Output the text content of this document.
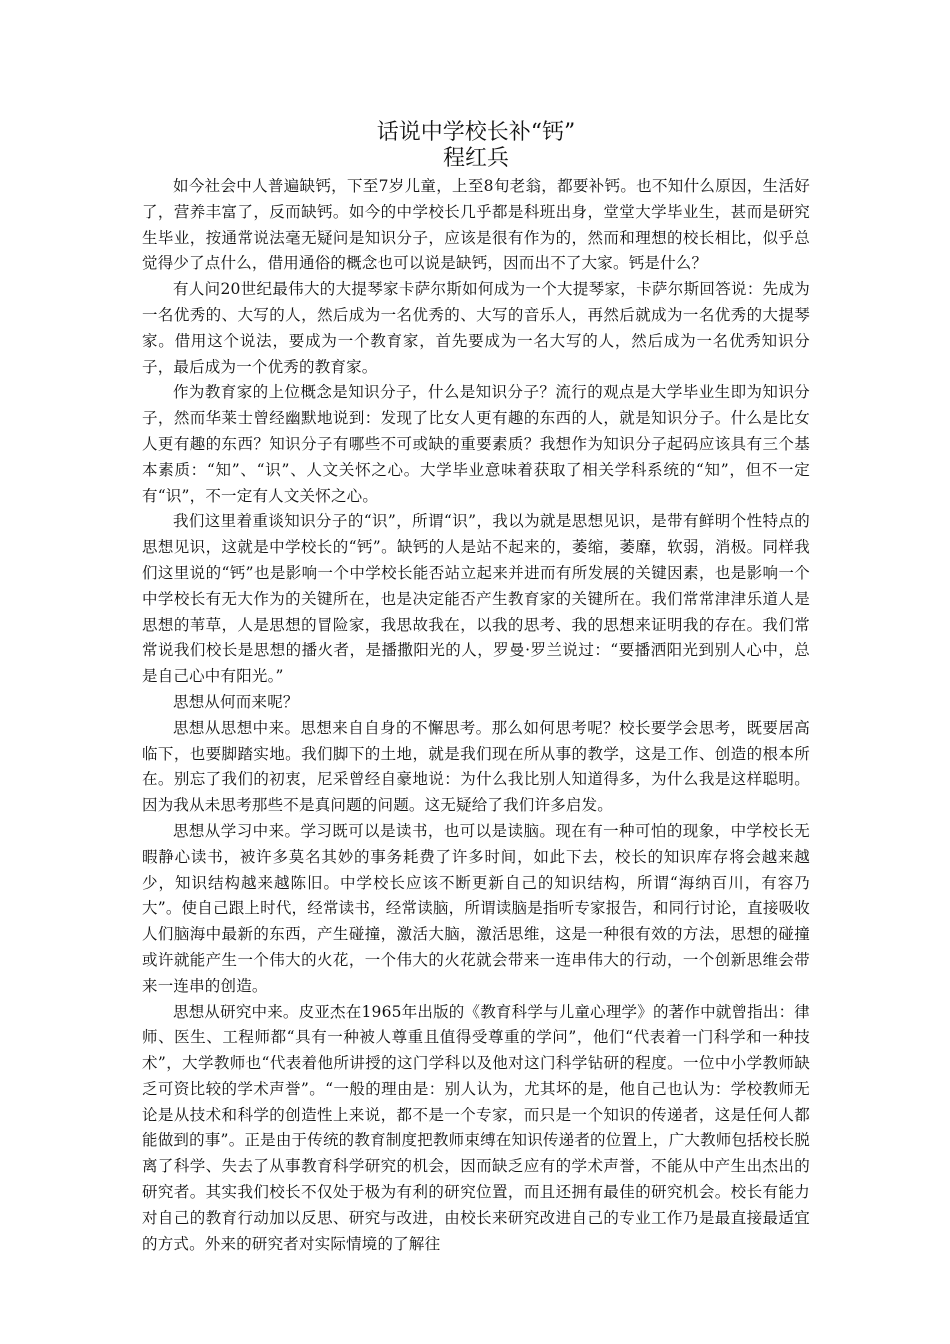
话说中学校长补“钙”
程红兵

如今社会中人普遍缺钙，下至7岁儿童，上至8旬老翁，都要补钙。也不知什么原因，生活好了，营养丰富了，反而缺钙。如今的中学校长几乎都是科班出身，堂堂大学毕业生，甚而是研究生毕业，按通常说法毫无疑问是知识分子，应该是很有作为的，然而和理想的校长相比，似乎总觉得少了点什么，借用通俗的概念也可以说是缺钙，因而出不了大家。钙是什么？

有人问20世纪最伟大的大提琴家卡萨尔斯如何成为一个大提琴家，卡萨尔斯回答说：先成为一名优秀的、大写的人，然后成为一名优秀的、大写的音乐人，再然后就成为一名优秀的大提琴家。借用这个说法，要成为一个教育家，首先要成为一名大写的人，然后成为一名优秀知识分子，最后成为一个优秀的教育家。

作为教育家的上位概念是知识分子，什么是知识分子？流行的观点是大学毕业生即为知识分子，然而华莱士曾经幽默地说到：发现了比女人更有趣的东西的人，就是知识分子。什么是比女人更有趣的东西？知识分子有哪些不可或缺的重要素质？我想作为知识分子起码应该具有三个基本素质：“知”、“识”、人文关怀之心。大学毕业意味着获取了相关学科系统的“知”，但不一定有“识”，不一定有人文关怀之心。

我们这里着重谈知识分子的“识”，所谓“识”，我以为就是思想见识，是带有鲜明个性特点的思想见识，这就是中学校长的“钙”。缺钙的人是站不起来的，萎缩，萎靡，软弱，消极。同样我们这里说的“钙”也是影响一个中学校长能否站立起来并进而有所发展的关键因素，也是影响一个中学校长有无大作为的关键所在，也是决定能否产生教育家的关键所在。我们常常津津乐道人是思想的苇草，人是思想的冒险家，我思故我在，以我的思考、我的思想来证明我的存在。我们常常说我们校长是思想的播火者，是播撒阳光的人，罗曼·罗兰说过：“要播洒阳光到别人心中，总是自己心中有阳光。”

思想从何而来呢？

思想从思想中来。思想来自自身的不懈思考。那么如何思考呢？校长要学会思考，既要居高临下，也要脚踏实地。我们脚下的土地，就是我们现在所从事的教学，这是工作、创造的根本所在。别忘了我们的初衷，尼采曾经自豪地说：为什么我比别人知道得多，为什么我是这样聪明。因为我从未思考那些不是真问题的问题。这无疑给了我们许多启发。

思想从学习中来。学习既可以是读书，也可以是读脑。现在有一种可怕的现象，中学校长无暇静心读书，被许多莫名其妙的事务耗费了许多时间，如此下去，校长的知识库存将会越来越少，知识结构越来越陈旧。中学校长应该不断更新自己的知识结构，所谓“海纳百川，有容乃大”。使自己跟上时代，经常读书，经常读脑，所谓读脑是指听专家报告，和同行讨论，直接吸收人们脑海中最新的东西，产生碰撞，激活大脑，激活思维，这是一种很有效的方法，思想的碰撞或许就能产生一个伟大的火花，一个伟大的火花就会带来一连串伟大的行动，一个创新思维会带来一连串的创造。

思想从研究中来。皮亚杰在1965年出版的《教育科学与儿童心理学》的著作中就曾指出：律师、医生、工程师都“具有一种被人尊重且值得受尊重的学问”，他们“代表着一门科学和一种技术”，大学教师也“代表着他所讲授的这门学科以及他对这门科学钻研的程度。一位中小学教师缺乏可资比较的学术声誉”。“一般的理由是：别人认为，尤其坏的是，他自己也认为：学校教师无论是从技术和科学的创造性上来说，都不是一个专家，而只是一个知识的传递者，这是任何人都能做到的事”。正是由于传统的教育制度把教师束缚在知识传递者的位置上，广大教师包括校长脱离了科学、失去了从事教育科学研究的机会，因而缺乏应有的学术声誉，不能从中产生出杰出的研究者。其实我们校长不仅处于极为有利的研究位置，而且还拥有最佳的研究机会。校长有能力对自己的教育行动加以反思、研究与改进，由校长来研究改进自己的专业工作乃是最直接最适宜的方式。外来的研究者对实际情境的了解往
